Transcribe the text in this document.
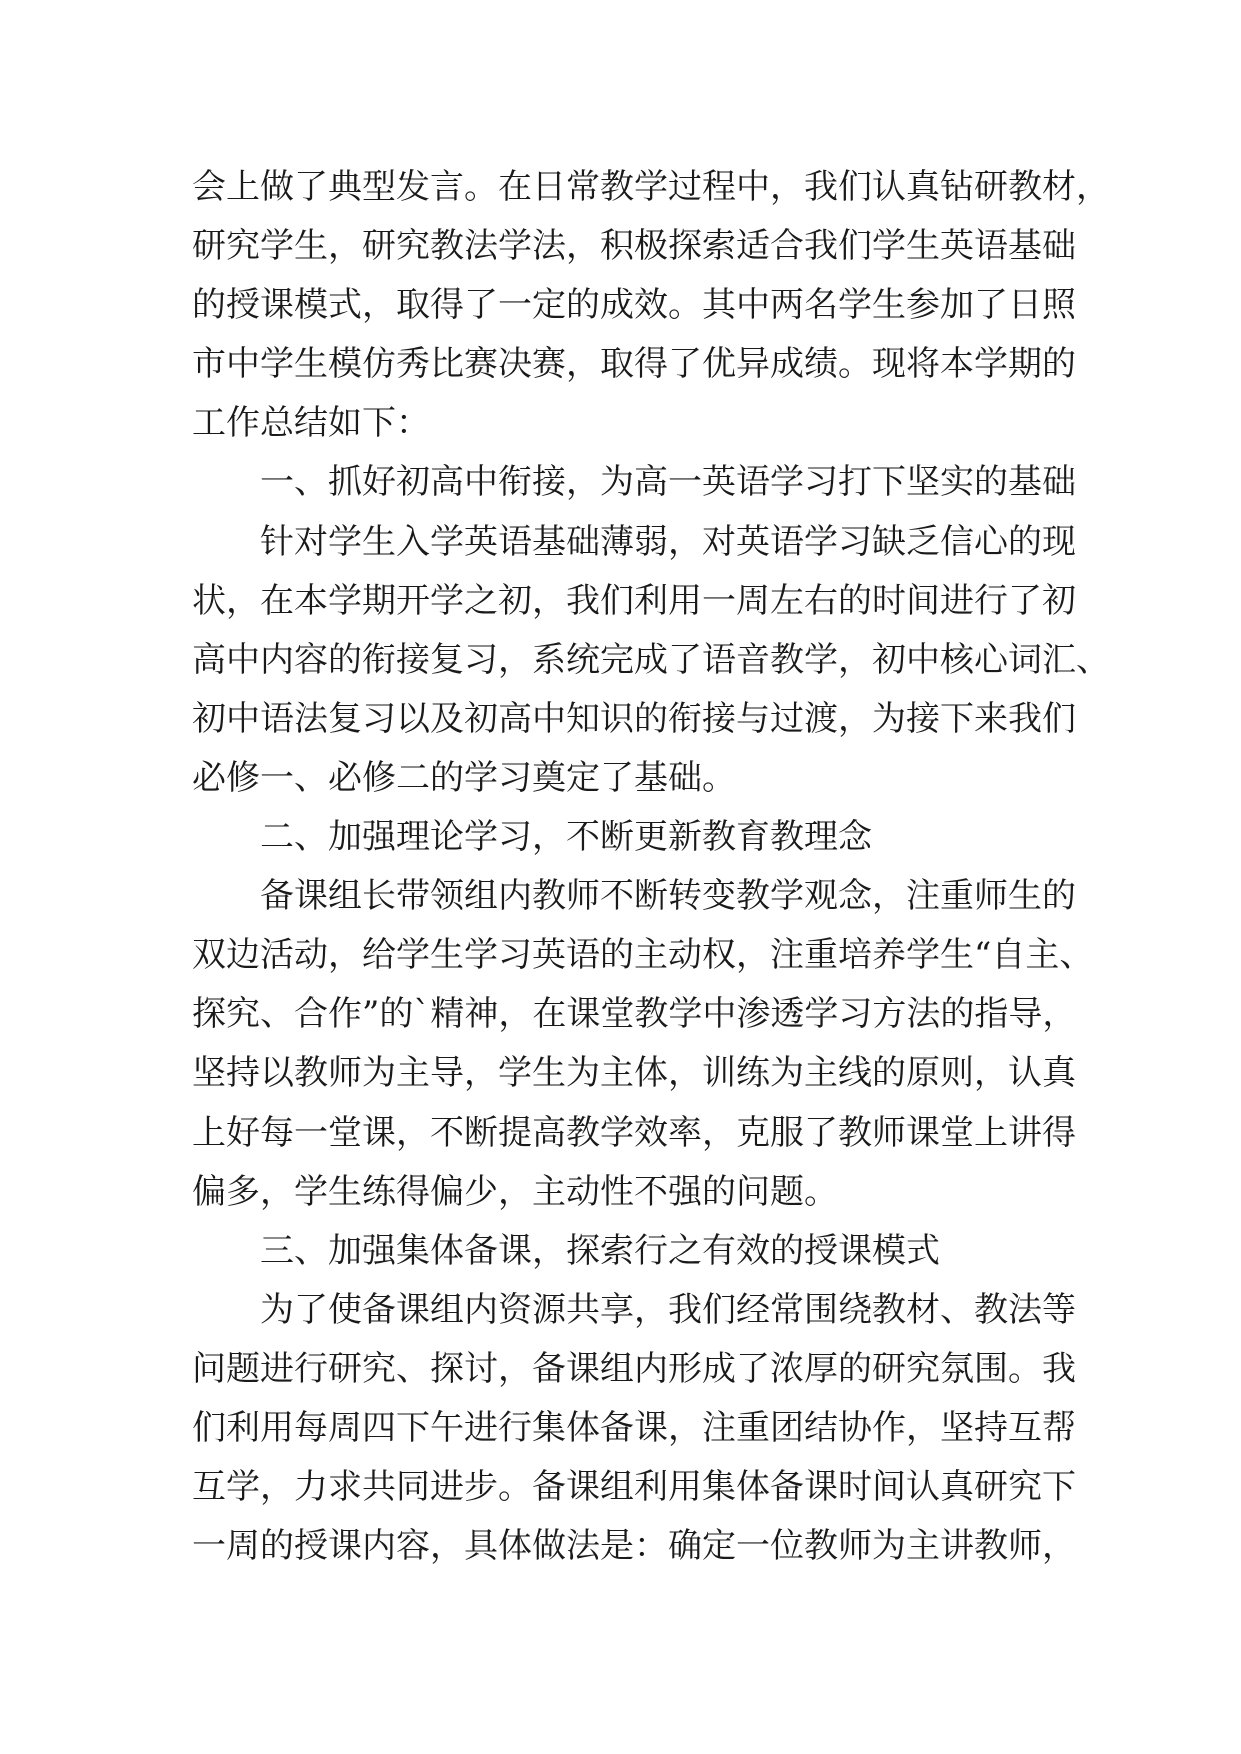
会上做了典型发言。在日常教学过程中，我们认真钻研教材，
研究学生，研究教法学法，积极探索适合我们学生英语基础
的授课模式，取得了一定的成效。其中两名学生参加了日照
市中学生模仿秀比赛决赛，取得了优异成绩。现将本学期的
工作总结如下：
一、抓好初高中衔接，为高一英语学习打下坚实的基础
针对学生入学英语基础薄弱，对英语学习缺乏信心的现
状，在本学期开学之初，我们利用一周左右的时间进行了初
高中内容的衔接复习，系统完成了语音教学，初中核心词汇、
初中语法复习以及初高中知识的衔接与过渡，为接下来我们
必修一、必修二的学习奠定了基础。
二、加强理论学习，不断更新教育教理念
备课组长带领组内教师不断转变教学观念，注重师生的
双边活动，给学生学习英语的主动权，注重培养学生“自主、
探究、合作”的`精神，在课堂教学中渗透学习方法的指导，
坚持以教师为主导，学生为主体，训练为主线的原则，认真
上好每一堂课，不断提高教学效率，克服了教师课堂上讲得
偏多，学生练得偏少，主动性不强的问题。
三、加强集体备课，探索行之有效的授课模式
为了使备课组内资源共享，我们经常围绕教材、教法等
问题进行研究、探讨，备课组内形成了浓厚的研究氛围。我
们利用每周四下午进行集体备课，注重团结协作，坚持互帮
互学，力求共同进步。备课组利用集体备课时间认真研究下
一周的授课内容，具体做法是：确定一位教师为主讲教师，
